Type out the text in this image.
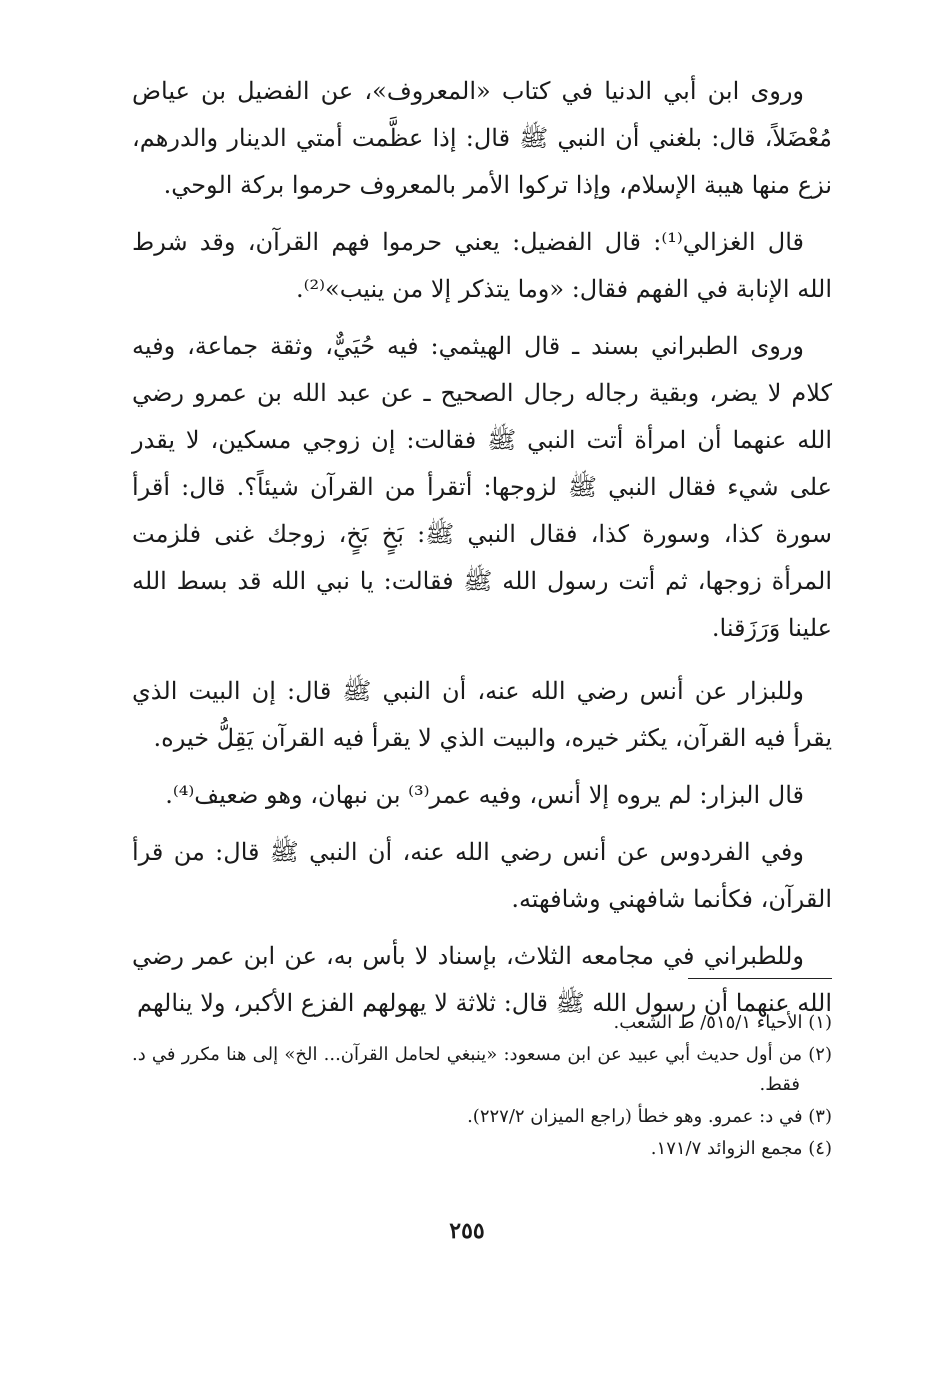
وروى ابن أبي الدنيا في كتاب «المعروف»، عن الفضيل بن عياض مُعْضَلاً، قال: بلغني أن النبي ﷺ قال: إذا عظَّمت أمتي الدينار والدرهم، نزع منها هيبة الإسلام، وإذا تركوا الأمر بالمعروف حرموا بركة الوحي.

قال الغزالي⁽¹⁾: قال الفضيل: يعني حرموا فهم القرآن، وقد شرط الله الإنابة في الفهم فقال: «وما يتذكر إلا من ينيب»⁽²⁾.

وروى الطبراني بسند ـ قال الهيثمي: فيه حُيَيٌّ، وثقة جماعة، وفيه كلام لا يضر، وبقية رجاله رجال الصحيح ـ عن عبد الله بن عمرو رضي الله عنهما أن امرأة أتت النبي ﷺ فقالت: إن زوجي مسكين، لا يقدر على شيء فقال النبي ﷺ لزوجها: أتقرأ من القرآن شيئاً؟. قال: أقرأ سورة كذا، وسورة كذا، فقال النبي ﷺ: بَخٍ بَخٍ، زوجك غنى فلزمت المرأة زوجها، ثم أتت رسول الله ﷺ فقالت: يا نبي الله قد بسط الله علينا وَرَزَقنا.

وللبزار عن أنس رضي الله عنه، أن النبي ﷺ قال: إن البيت الذي يقرأ فيه القرآن، يكثر خيره، والبيت الذي لا يقرأ فيه القرآن يَقِلُّ خيره.

قال البزار: لم يروه إلا أنس، وفيه عمر⁽³⁾ بن نبهان، وهو ضعيف⁽⁴⁾.

وفي الفردوس عن أنس رضي الله عنه، أن النبي ﷺ قال: من قرأ القرآن، فكأنما شافهني وشافهته.

وللطبراني في مجامعه الثلاث، بإسناد لا بأس به، عن ابن عمر رضي الله عنهما أن رسول الله ﷺ قال: ثلاثة لا يهولهم الفزع الأكبر، ولا ينالهم

(١) الأحياء ٥١٥/١/ ط الشعب.

(٢) من أول حديث أبي عبيد عن ابن مسعود: «ينبغي لحامل القرآن... الخ» إلى هنا مكرر في د. فقط.

(٣) في د: عمرو. وهو خطأ (راجع الميزان ٢٢٧/٢).

(٤) مجمع الزوائد ١٧١/٧.

٢٥٥
